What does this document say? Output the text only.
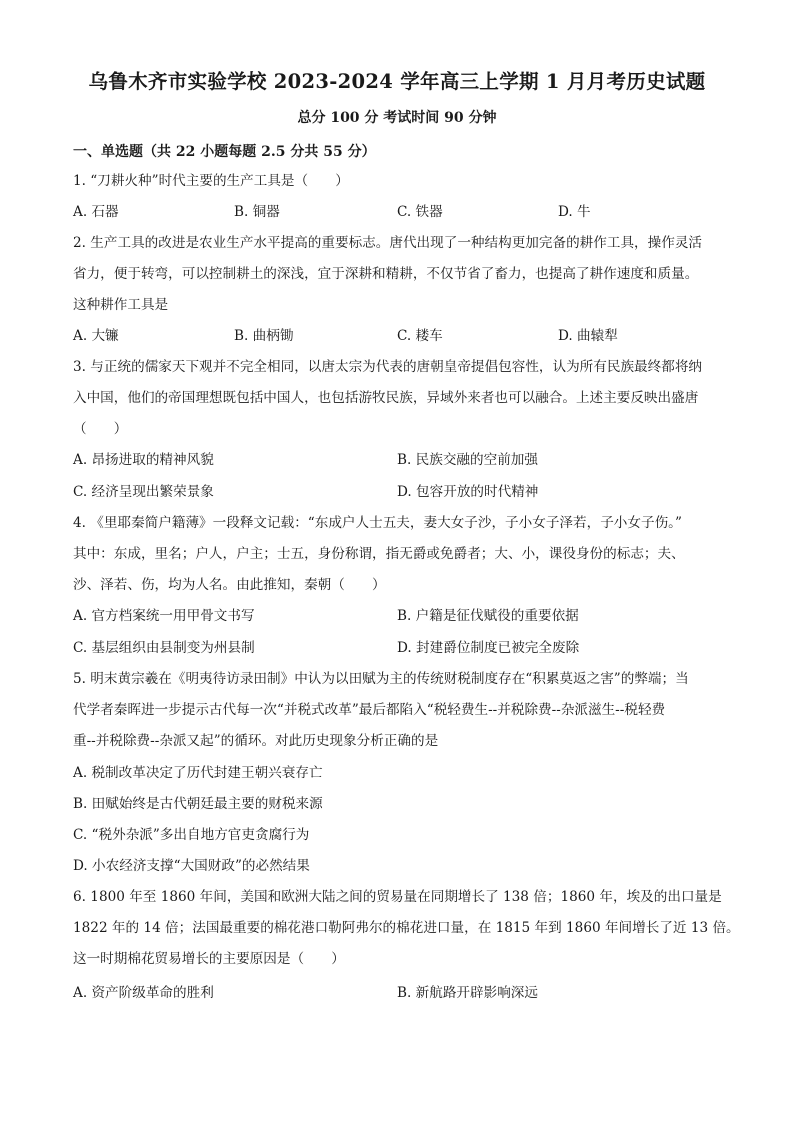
乌鲁木齐市实验学校 2023-2024 学年高三上学期 1 月月考历史试题
总分 100 分 考试时间 90 分钟
一、单选题（共 22 小题每题 2.5 分共 55 分）
1. “刀耕火种”时代主要的生产工具是（　　）
A. 石器	B. 铜器	C. 铁器	D. 牛
2. 生产工具的改进是农业生产水平提高的重要标志。唐代出现了一种结构更加完备的耕作工具，操作灵活
省力，便于转弯，可以控制耕土的深浅，宜于深耕和精耕，不仅节省了畜力，也提高了耕作速度和质量。
这种耕作工具是
A. 大镰	B. 曲柄锄	C. 耧车	D. 曲辕犁
3. 与正统的儒家天下观并不完全相同，以唐太宗为代表的唐朝皇帝提倡包容性，认为所有民族最终都将纳
入中国，他们的帝国理想既包括中国人，也包括游牧民族，异域外来者也可以融合。上述主要反映出盛唐
（　　）
A. 昂扬进取的精神风貌	B. 民族交融的空前加强
C. 经济呈现出繁荣景象	D. 包容开放的时代精神
4. 《里耶秦简户籍薄》一段释文记载：“东成户人士五夫，妻大女子沙，子小女子泽若，子小女子伤。”
其中：东成，里名；户人，户主；士五，身份称谓，指无爵或免爵者；大、小，课役身份的标志；夫、
沙、泽若、伤，均为人名。由此推知，秦朝（　　）
A. 官方档案统一用甲骨文书写	B. 户籍是征伐赋役的重要依据
C. 基层组织由县制变为州县制	D. 封建爵位制度已被完全废除
5. 明末黄宗羲在《明夷待访录田制》中认为以田赋为主的传统财税制度存在“积累莫返之害”的弊端；当
代学者秦晖进一步提示古代每一次“并税式改革”最后都陷入“税轻费生--并税除费--杂派滋生--税轻费
重--并税除费--杂派又起”的循环。对此历史现象分析正确的是
A. 税制改革决定了历代封建王朝兴衰存亡
B. 田赋始终是古代朝廷最主要的财税来源
C. “税外杂派”多出自地方官吏贪腐行为
D. 小农经济支撑“大国财政”的必然结果
6. 1800 年至 1860 年间，美国和欧洲大陆之间的贸易量在同期增长了 138 倍；1860 年，埃及的出口量是
1822 年的 14 倍；法国最重要的棉花港口勒阿弗尔的棉花进口量，在 1815 年到 1860 年间增长了近 13 倍。
这一时期棉花贸易增长的主要原因是（　　）
A. 资产阶级革命的胜利	B. 新航路开辟影响深远
